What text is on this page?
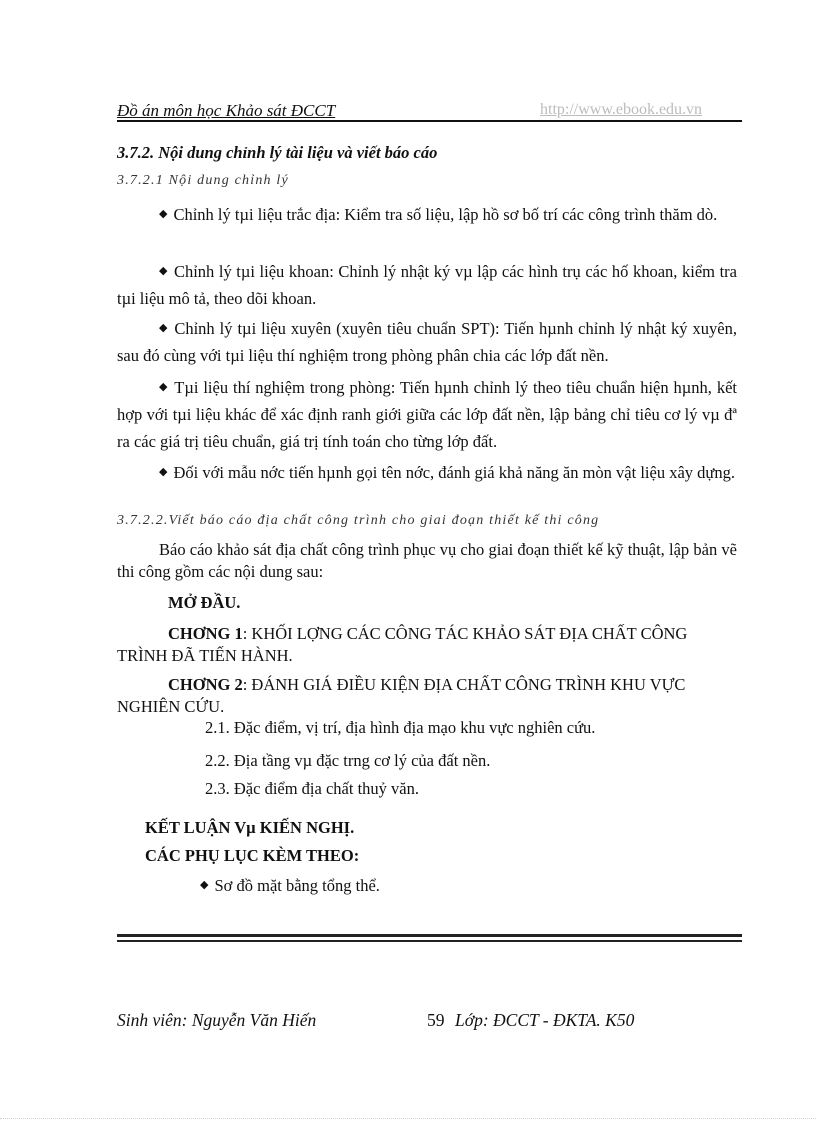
Đồ án môn học Khảo sát ĐCCT	http://www.ebook.edu.vn
3.7.2. Nội dung chỉnh lý tài liệu và viết báo cáo
3.7.2.1 Nội dung chỉnh lý
◆ Chỉnh lý tµi liệu trắc địa: Kiểm tra số liệu, lập hồ sơ bố trí các công trình thăm dò.
◆ Chỉnh lý tµi liệu khoan: Chỉnh lý nhật ký vµ lập các hình trụ các hố khoan, kiểm tra tµi liệu mô tả, theo dõi khoan.
◆ Chỉnh lý tµi liệu xuyên (xuyên tiêu chuẩn SPT): Tiến hµnh chỉnh lý nhật ký xuyên, sau đó cùng với tµi liệu thí nghiệm trong phòng phân chia các lớp đất nền.
◆ Tµi liệu thí nghiệm trong phòng: Tiến hµnh chỉnh lý theo tiêu chuẩn hiện hµnh, kết hợp với tµi liệu khác để xác định ranh giới giữa các lớp đất nền, lập bảng chỉ tiêu cơ lý vµ đª ra các giá trị tiêu chuẩn, giá trị tính toán cho từng lớp đất.
◆ Đối với mẫu nớc tiến hµnh gọi tên nớc, đánh giá khả năng ăn mòn vật liệu xây dựng.
3.7.2.2.Viết báo cáo địa chất công trình cho giai đoạn thiết kế thi công
Báo cáo khảo sát địa chất công trình phục vụ cho giai đoạn thiết kế kỹ thuật, lập bản vẽ thi công gồm các nội dung sau:
MỞ ĐẦU.
CHƠNG 1: KHỐI LỢNG CÁC CÔNG TÁC KHẢO SÁT ĐỊA CHẤT CÔNG TRÌNH ĐÃ TIẾN HÀNH.
CHƠNG 2: ĐÁNH GIÁ ĐIỀU KIỆN ĐỊA CHẤT CÔNG TRÌNH KHU VỰC NGHIÊN CỨU.
2.1. Đặc điểm, vị trí, địa hình địa mạo khu vực nghiên cứu.
2.2. Địa tầng vµ đặc trng cơ lý của đất nền.
2.3. Đặc điểm địa chất thuỷ văn.
KẾT LUẬN Vµ KIẾN NGHỊ.
CÁC PHỤ LỤC KÈM THEO:
◆ Sơ đồ mặt bằng tổng thể.
Sinh viên: Nguyễn Văn Hiến	59 Lớp: ĐCCT - ĐKTA. K50
